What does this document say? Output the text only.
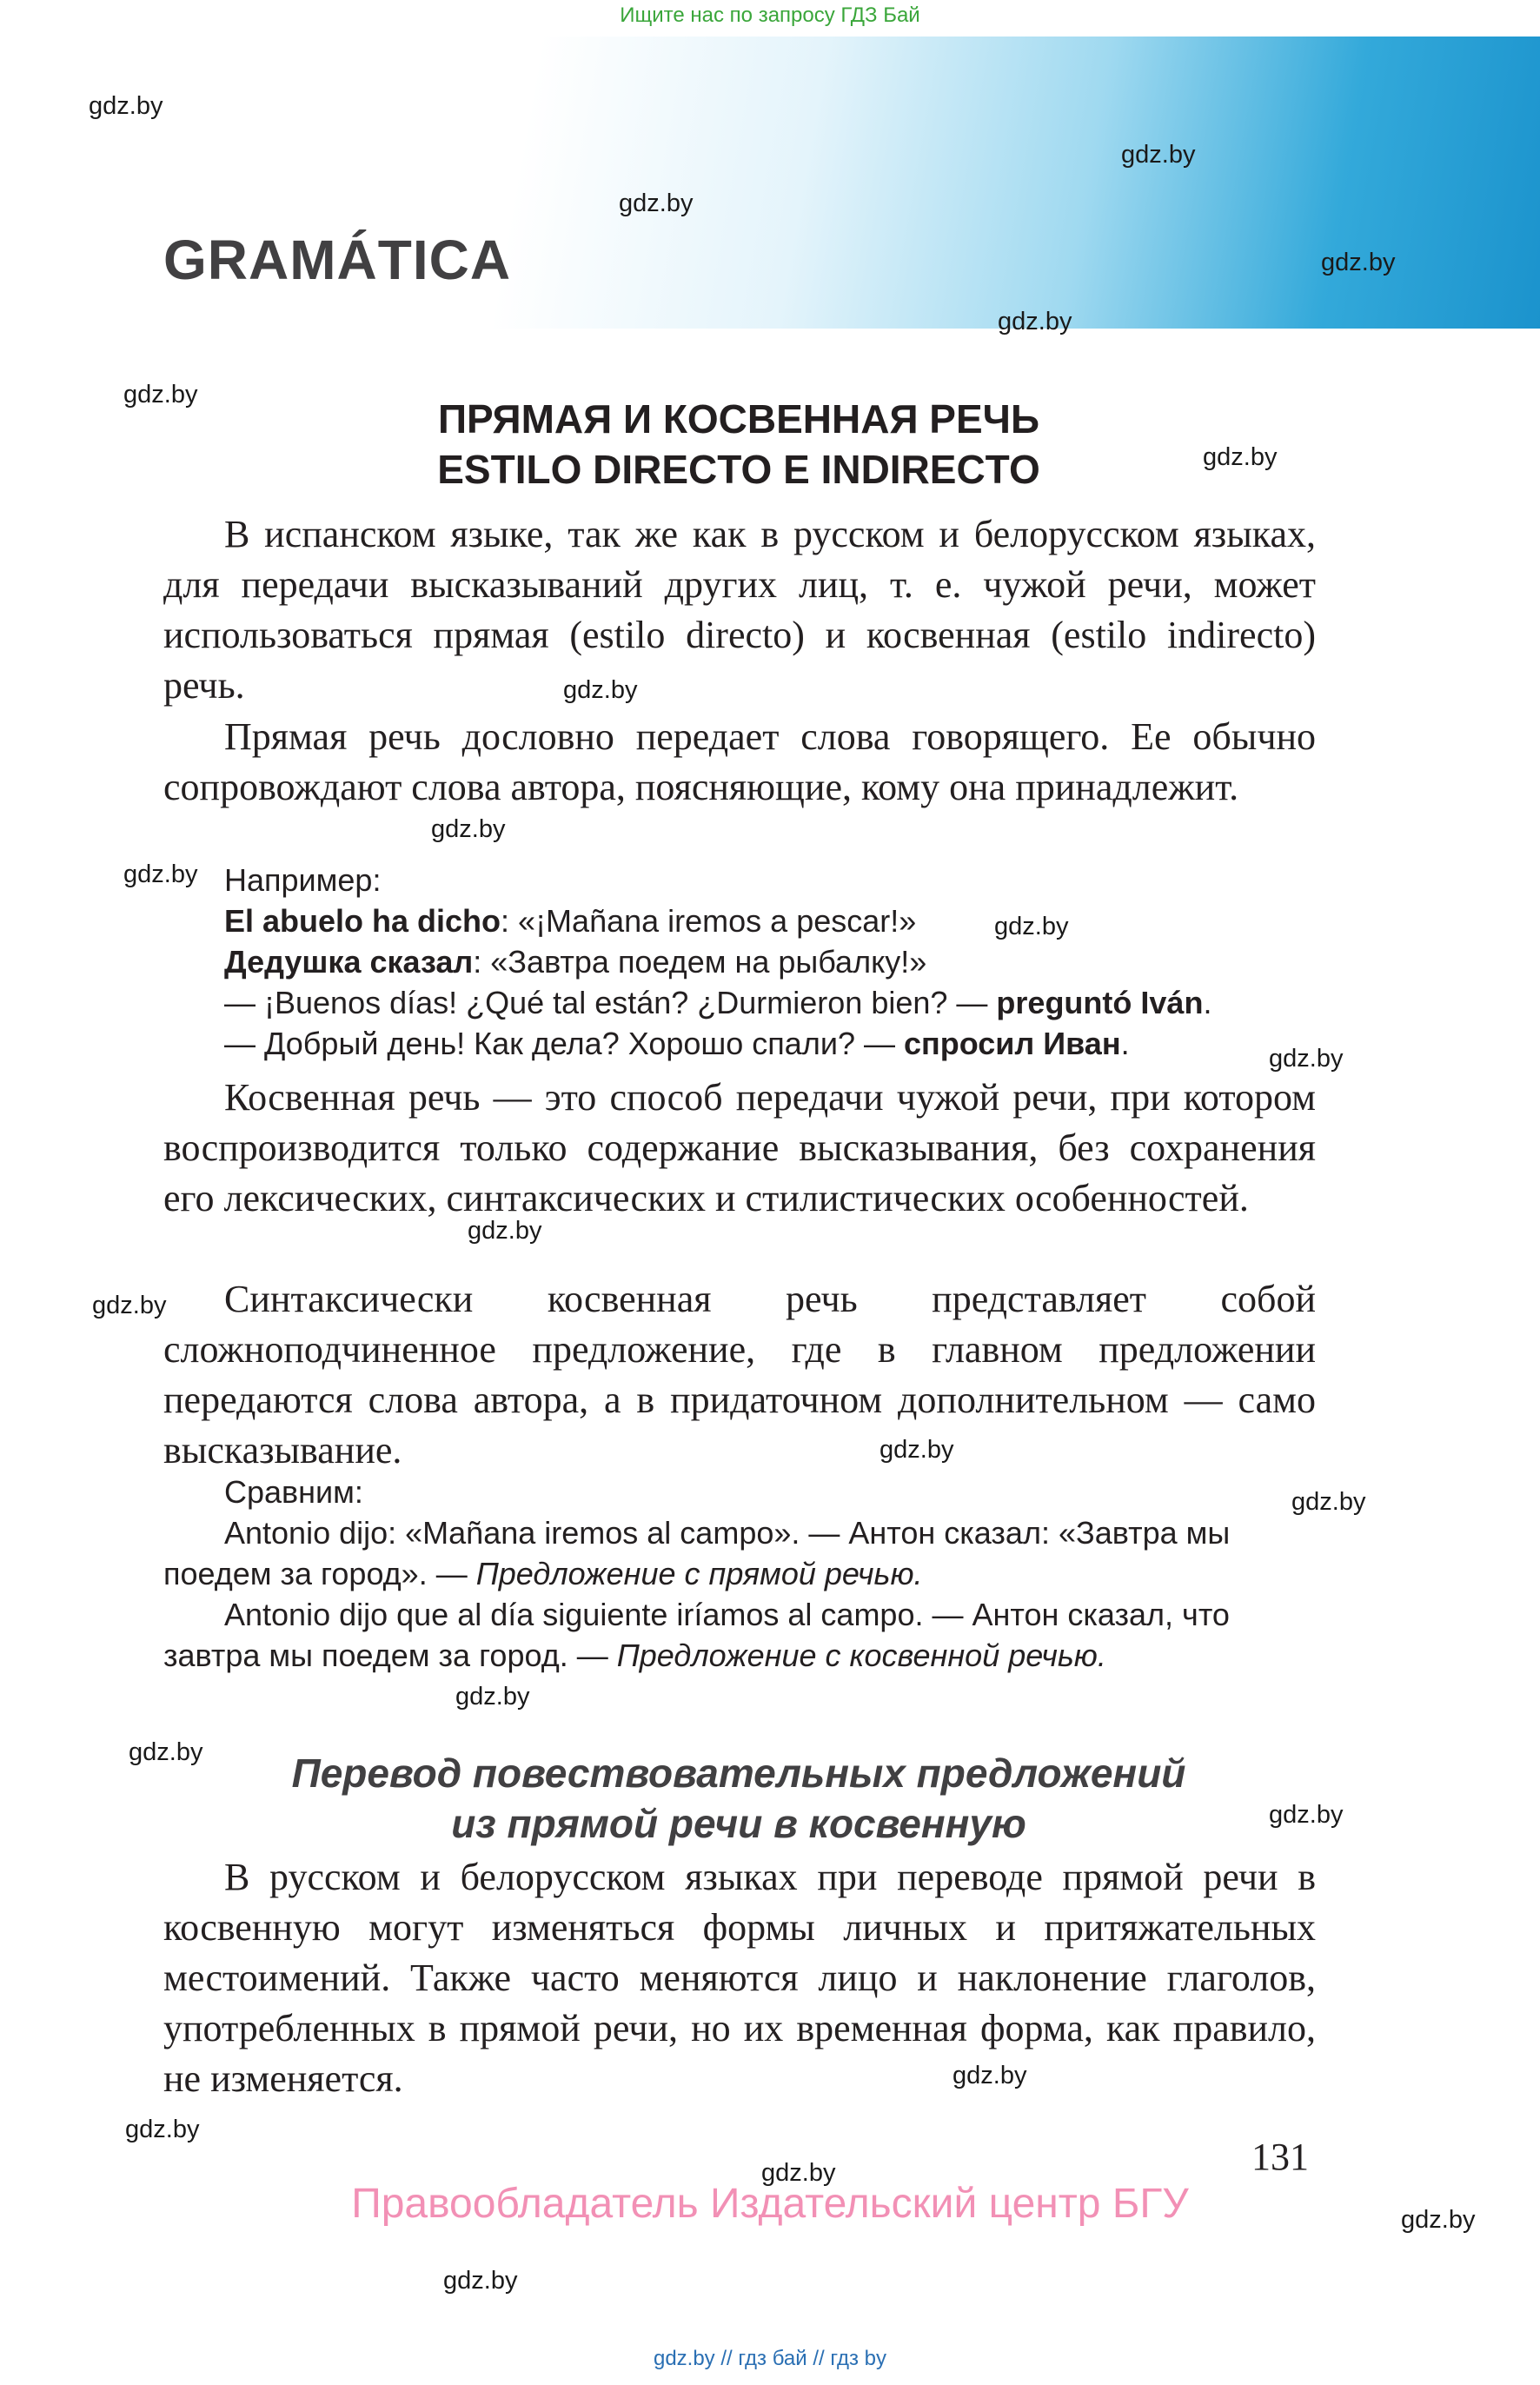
Ищите нас по запросу ГДЗ Бай
GRAMÁTICA
gdz.by
gdz.by
gdz.by
gdz.by
gdz.by
gdz.by
gdz.by
gdz.by
gdz.by
gdz.by
gdz.by
gdz.by
gdz.by
gdz.by
gdz.by
gdz.by
gdz.by
gdz.by
gdz.by
gdz.by
gdz.by
gdz.by
gdz.by
gdz.by
ПРЯМАЯ И КОСВЕННАЯ РЕЧЬ
ESTILO DIRECTO E INDIRECTO
В испанском языке, так же как в русском и белорусском языках, для передачи высказываний других лиц, т. е. чужой речи, может использоваться прямая (estilo directo) и косвенная (estilo indirecto) речь.
Прямая речь дословно передает слова говорящего. Ее обычно сопровождают слова автора, поясняющие, кому она принадлежит.
Например:
El abuelo ha dicho: «¡Mañana iremos a pescar!»
Дедушка сказал: «Завтра поедем на рыбалку!»
— ¡Buenos días! ¿Qué tal están? ¿Durmieron bien? — preguntó Iván.
— Добрый день! Как дела? Хорошо спали? — спросил Иван.
Косвенная речь — это способ передачи чужой речи, при котором воспроизводится только содержание высказывания, без сохранения его лексических, синтаксических и стилистических особенностей.
Синтаксически косвенная речь представляет собой сложноподчиненное предложение, где в главном предложении передаются слова автора, а в придаточном дополнительном — само высказывание.
Сравним:
Antonio dijo: «Mañana iremos al campo». — Антон сказал: «Завтра мы поедем за город». — Предложение с прямой речью.
Antonio dijo que al día siguiente iríamos al campo. — Антон сказал, что завтра мы поедем за город. — Предложение с косвенной речью.
Перевод повествовательных предложений
из прямой речи в косвенную
В русском и белорусском языках при переводе прямой речи в косвенную могут изменяться формы личных и притяжательных местоимений. Также часто меняются лицо и наклонение глаголов, употребленных в прямой речи, но их временная форма, как правило, не изменяется.
131
Правообладатель Издательский центр БГУ
gdz.by // гдз бай // гдз by
